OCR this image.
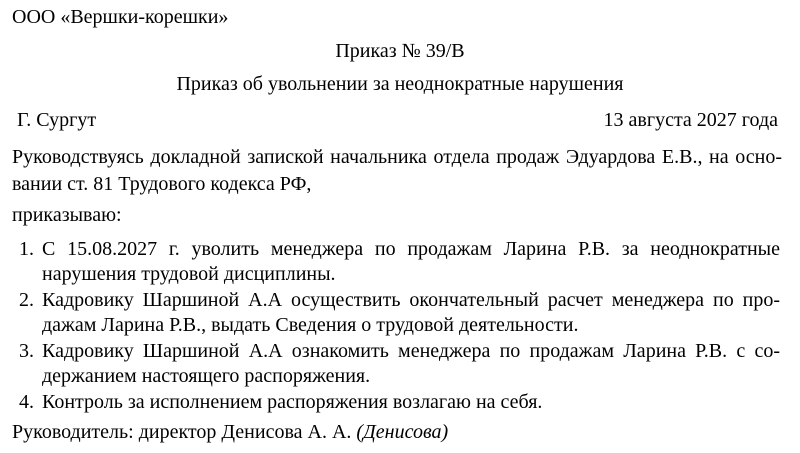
ООО «Вершки-корешки»
Приказ № 39/В
Приказ об увольнении за неоднократные нарушения
Г. Сургут	13 августа 2027 года
Руководствуясь докладной запиской начальника отдела продаж Эдуардова Е.В., на осно-
вании ст. 81 Трудового кодекса РФ,
приказываю:
1. С 15.08.2027 г. уволить менеджера по продажам Ларина Р.В. за неоднократные
нарушения трудовой дисциплины.
2. Кадровику Шаршиной А.А осуществить окончательный расчет менеджера по про-
дажам Ларина Р.В., выдать Сведения о трудовой деятельности.
3. Кадровику Шаршиной А.А ознакомить менеджера по продажам Ларина Р.В. с со-
держанием настоящего распоряжения.
4. Контроль за исполнением распоряжения возлагаю на себя.
Руководитель: директор Денисова А. А. (Денисова)
